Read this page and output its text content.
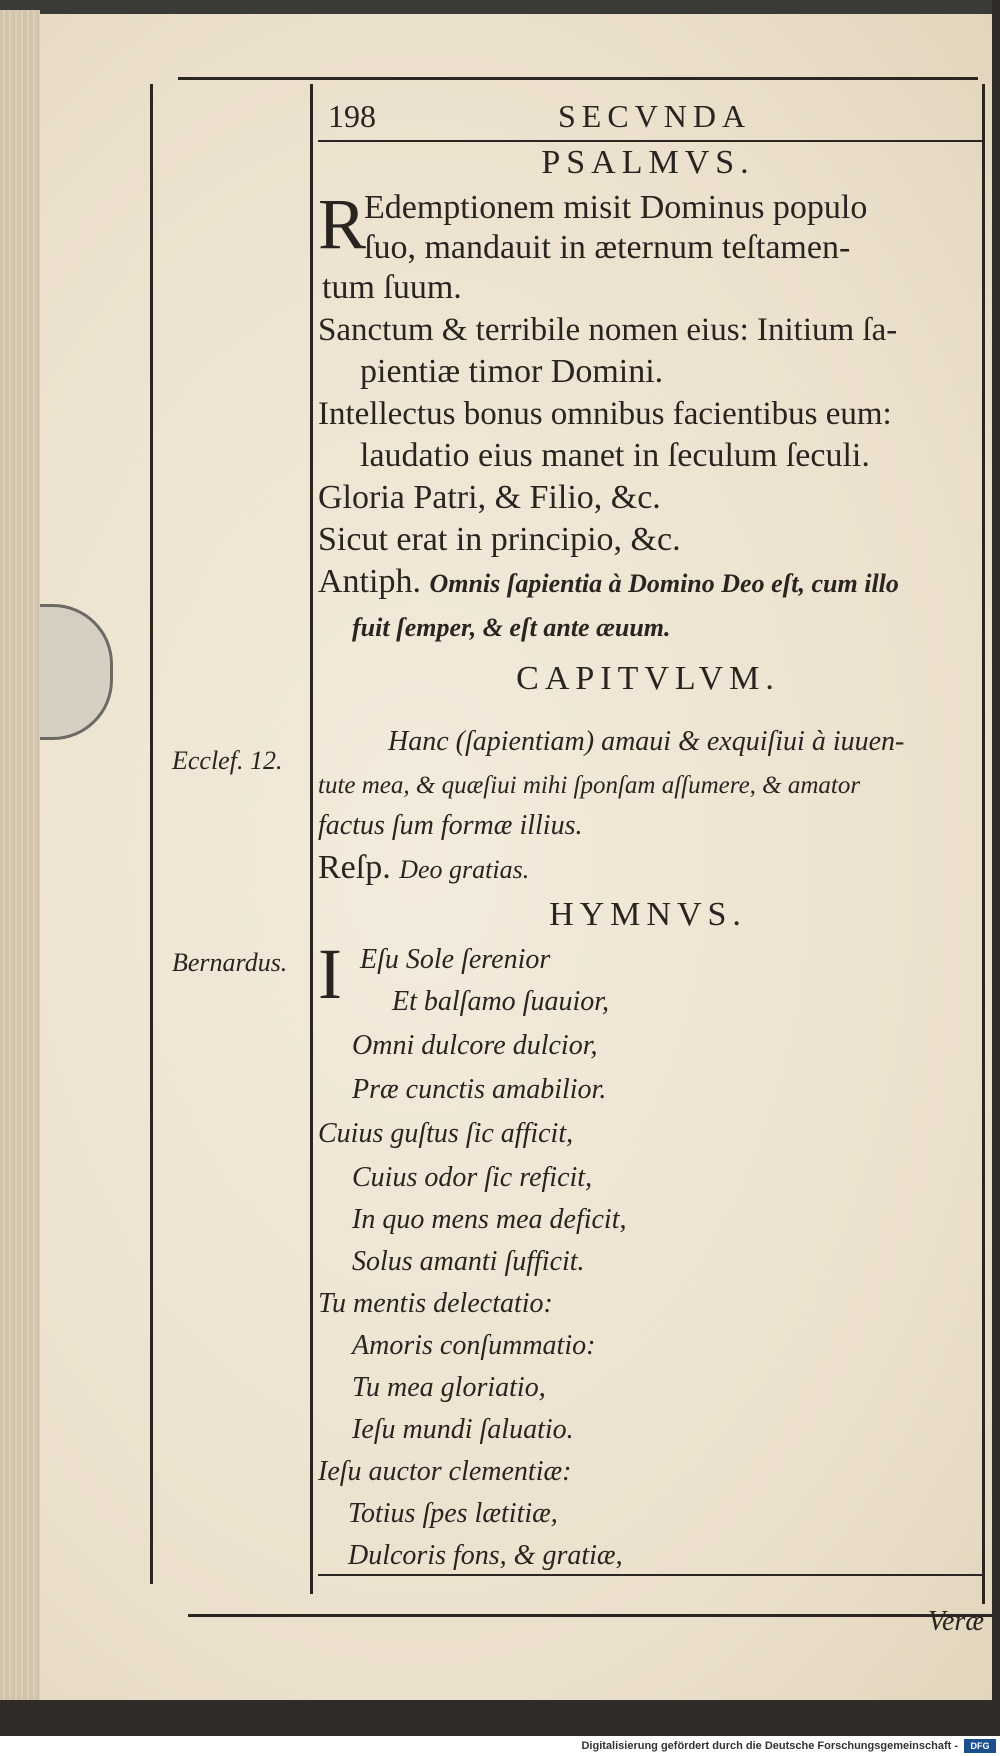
198	SECVNDA
PSALMVS.
R
Edemptionem misit Dominus populo
ſuo, mandauit in æternum teſtamen-
tum ſuum.
Sanctum & terribile nomen eius: Initium ſa-
pientiæ timor Domini.
Intellectus bonus omnibus facientibus eum:
laudatio eius manet in ſeculum ſeculi.
Gloria Patri, & Filio, &c.
Sicut erat in principio, &c.
Antiph. Omnis ſapientia à Domino Deo eſt, cum illo
fuit ſemper, & eſt ante æuum.
CAPITVLVM.
Ecclef. 12.
Hanc (ſapientiam) amaui & exquiſiui à iuuen-
tute mea, & quæſiui mihi ſponſam aſſumere, & amator
factus ſum formæ illius.
Reſp. Deo gratias.
HYMNVS.
Bernardus. I Eſu Sole ſerenior
Et balſamo ſuauior,
Omni dulcore dulcior,
Præ cunctis amabilior.
Cuius guſtus ſic afficit,
Cuius odor ſic reficit,
In quo mens mea deficit,
Solus amanti ſufficit.
Tu mentis delectatio:
Amoris conſummatio:
Tu mea gloriatio,
Ieſu mundi ſaluatio.
Ieſu auctor clementiæ:
Totius ſpes lætitiæ,
Dulcoris fons, & gratiæ,
Veræ
Digitalisierung gefördert durch die Deutsche Forschungsgemeinschaft -	DFG
